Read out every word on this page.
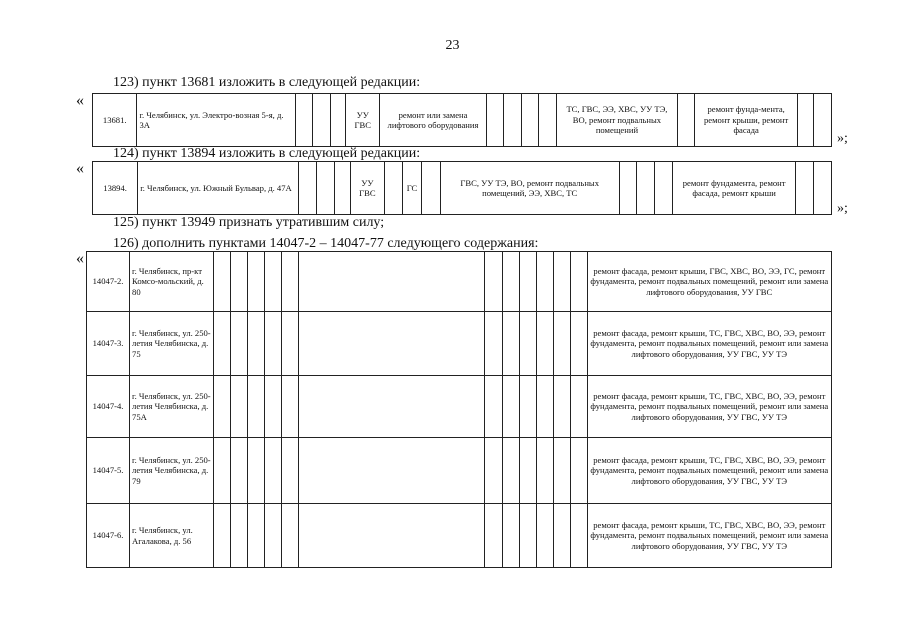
23
123) пункт 13681 изложить в следующей редакции:
«
13681.	г. Челябинск, ул. Электро-возная 5-я, д. 3А				УУ ГВС	ремонт или замена лифтового оборудования					ТС, ГВС, ЭЭ, ХВС, УУ ТЭ, ВО, ремонт подвальных помещений		ремонт фунда-мента, ремонт крыши, ремонт фасада		
»;
124) пункт 13894 изложить в следующей редакции:
«
13894.	г. Челябинск, ул. Южный Бульвар, д. 47А				УУ ГВС		ГС		ГВС, УУ ТЭ, ВО, ремонт подвальных помещений, ЭЭ, ХВС, ТС				ремонт фундамента, ремонт фасада, ремонт крыши		
»;
125) пункт 13949 признать утратившим силу;
126) дополнить пунктами 14047-2 – 14047-77 следующего содержания:
«
14047-2.	г. Челябинск, пр-кт Комсо-мольский, д. 80													ремонт фасада, ремонт крыши, ГВС, ХВС, ВО, ЭЭ, ГС, ремонт фундамента, ремонт подвальных помещений, ремонт или замена лифтового оборудования, УУ ГВС
14047-3.	г. Челябинск, ул. 250-летия Челябинска, д. 75													ремонт фасада, ремонт крыши, ТС, ГВС, ХВС, ВО, ЭЭ, ремонт фундамента, ремонт подвальных помещений, ремонт или замена лифтового оборудования, УУ ГВС, УУ ТЭ
14047-4.	г. Челябинск, ул. 250-летия Челябинска, д. 75А													ремонт фасада, ремонт крыши, ТС, ГВС, ХВС, ВО, ЭЭ, ремонт фундамента, ремонт подвальных помещений, ремонт или замена лифтового оборудования, УУ ГВС, УУ ТЭ
14047-5.	г. Челябинск, ул. 250-летия Челябинска, д. 79													ремонт фасада, ремонт крыши, ТС, ГВС, ХВС, ВО, ЭЭ, ремонт фундамента, ремонт подвальных помещений, ремонт или замена лифтового оборудования, УУ ГВС, УУ ТЭ
14047-6.	г. Челябинск, ул. Агалакова, д. 56													ремонт фасада, ремонт крыши, ТС, ГВС, ХВС, ВО, ЭЭ, ремонт фундамента, ремонт подвальных помещений, ремонт или замена лифтового оборудования, УУ ГВС, УУ ТЭ
